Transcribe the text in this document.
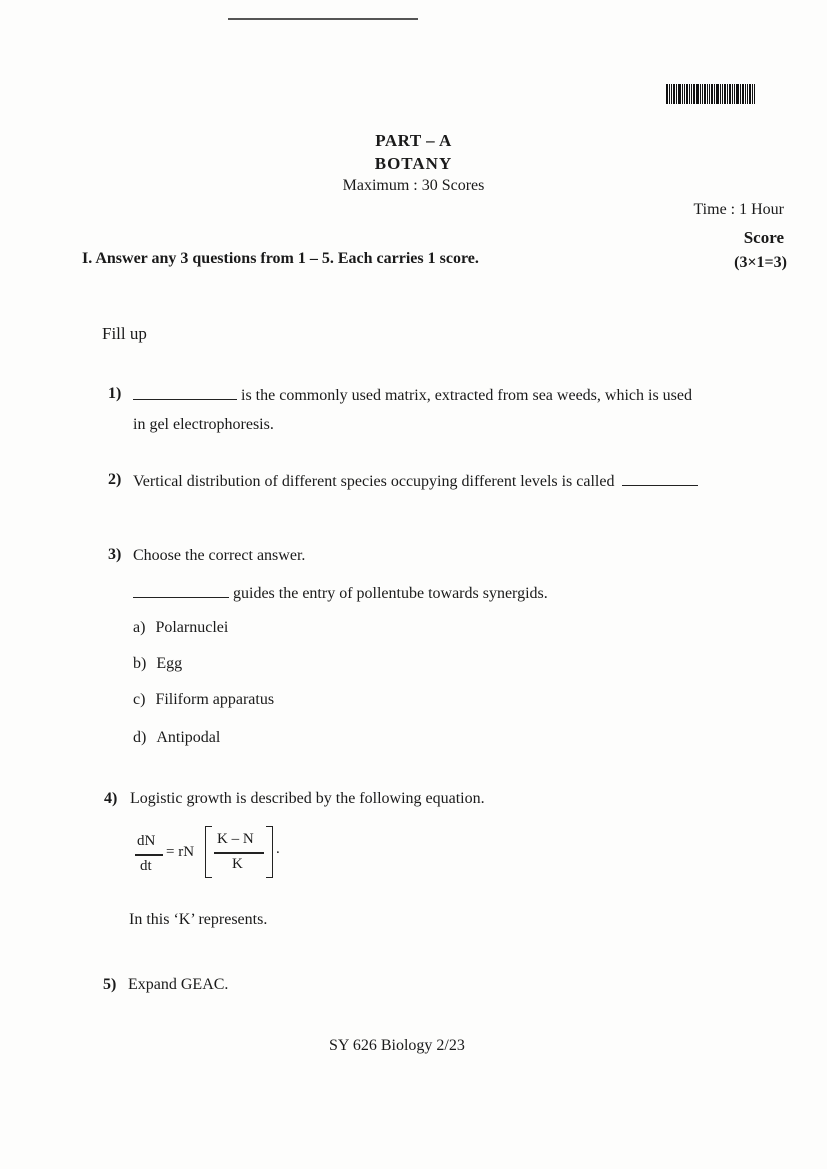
PART – A
BOTANY
Maximum : 30 Scores
Time : 1 Hour
Score
(3×1=3)
I. Answer any 3 questions from 1 – 5. Each carries 1 score.
Fill up
1)	is the commonly used matrix, extracted from sea weeds, which is used
in gel electrophoresis.
2) Vertical distribution of different species occupying different levels is called
3) Choose the correct answer.
guides the entry of pollentube towards synergids.
a) Polarnuclei
b) Egg
c) Filiform apparatus
d) Antipodal
4) Logistic growth is described by the following equation.
dN
dt
= rN
K – N
K
.
In this ‘K’ represents.
5) Expand GEAC.
SY 626 Biology 2/23
